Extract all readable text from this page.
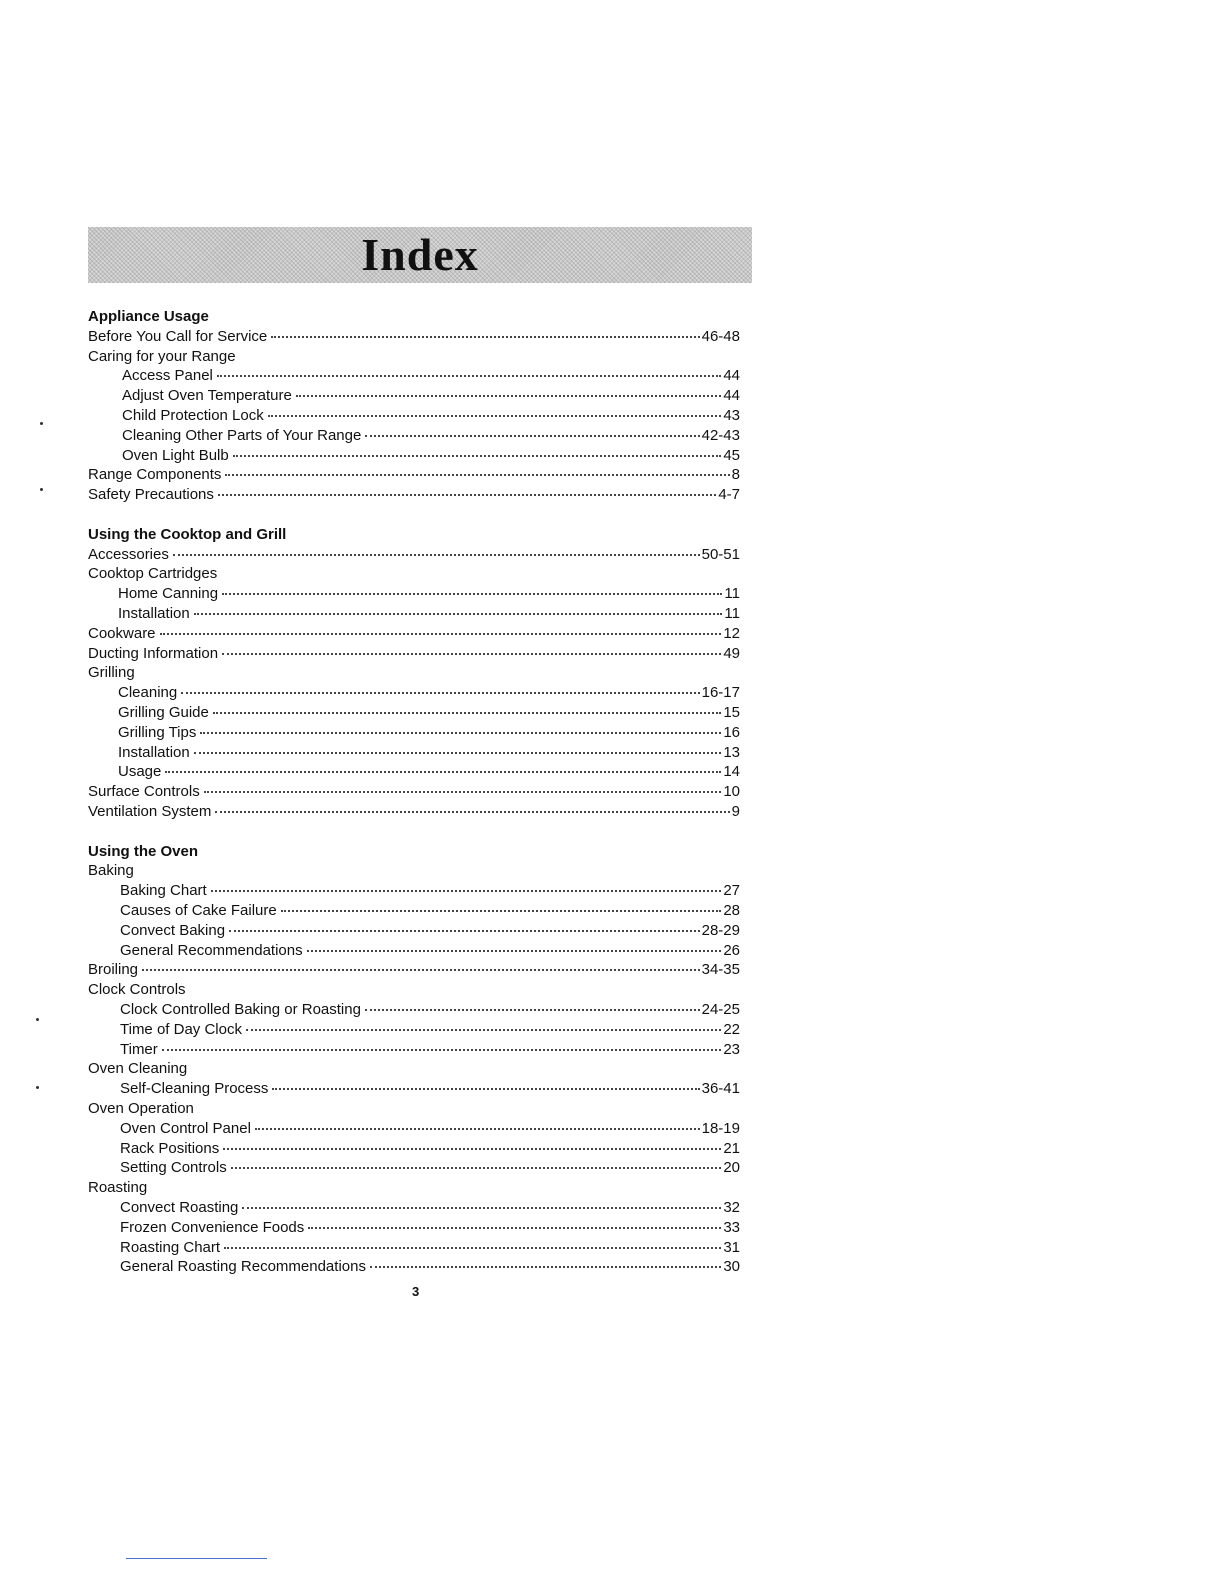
Index
Appliance Usage
Before You Call for Service	46-48
Caring for your Range
Access Panel	44
Adjust Oven Temperature	44
Child Protection Lock	43
Cleaning Other Parts of Your Range	42-43
Oven Light Bulb	45
Range Components	8
Safety Precautions	4-7
Using the Cooktop and Grill
Accessories	50-51
Cooktop Cartridges
Home Canning	11
Installation	11
Cookware	12
Ducting Information	49
Grilling
Cleaning	16-17
Grilling Guide	15
Grilling Tips	16
Installation	13
Usage	14
Surface Controls	10
Ventilation System	9
Using the Oven
Baking
Baking Chart	27
Causes of Cake Failure	28
Convect Baking	28-29
General Recommendations	26
Broiling	34-35
Clock Controls
Clock Controlled Baking or Roasting	24-25
Time of Day Clock	22
Timer	23
Oven Cleaning
Self-Cleaning Process	36-41
Oven Operation
Oven Control Panel	18-19
Rack Positions	21
Setting Controls	20
Roasting
Convect Roasting	32
Frozen Convenience Foods	33
Roasting Chart	31
General Roasting Recommendations	30
3
